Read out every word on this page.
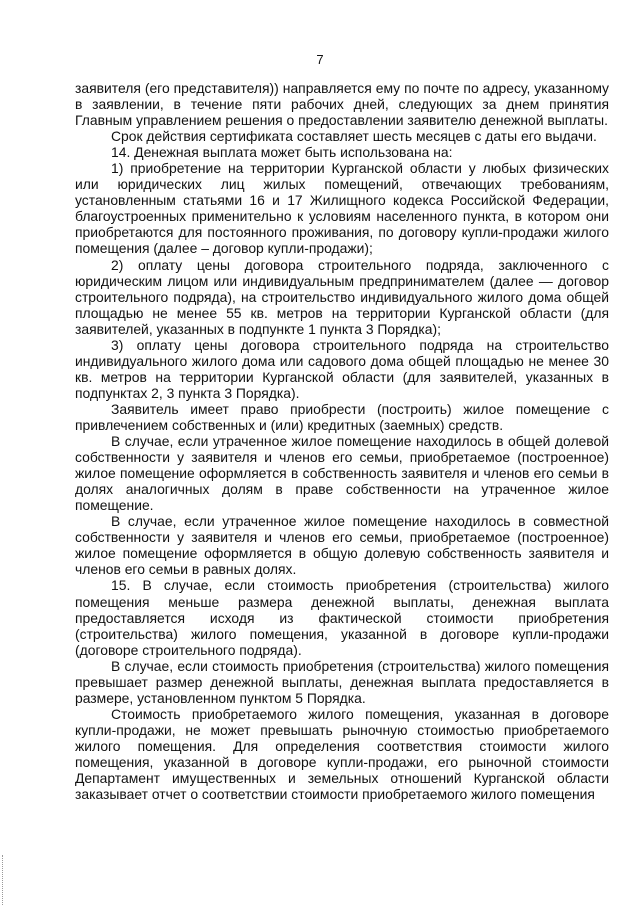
7

заявителя (его представителя)) направляется ему по почте по адресу, указанному в заявлении, в течение пяти рабочих дней, следующих за днем принятия Главным управлением решения о предоставлении заявителю денежной выплаты.

Срок действия сертификата составляет шесть месяцев с даты его выдачи.

14. Денежная выплата может быть использована на:

1) приобретение на территории Курганской области у любых физических или юридических лиц жилых помещений, отвечающих требованиям, установленным статьями 16 и 17 Жилищного кодекса Российской Федерации, благоустроенных применительно к условиям населенного пункта, в котором они приобретаются для постоянного проживания, по договору купли-продажи жилого помещения (далее – договор купли-продажи);

2) оплату цены договора строительного подряда, заключенного с юридическим лицом или индивидуальным предпринимателем (далее — договор строительного подряда), на строительство индивидуального жилого дома общей площадью не менее 55 кв. метров на территории Курганской области (для заявителей, указанных в подпункте 1 пункта 3 Порядка);

3) оплату цены договора строительного подряда на строительство индивидуального жилого дома или садового дома общей площадью не менее 30 кв. метров на территории Курганской области (для заявителей, указанных в подпунктах 2, 3 пункта 3 Порядка).

Заявитель имеет право приобрести (построить) жилое помещение с привлечением собственных и (или) кредитных (заемных) средств.

В случае, если утраченное жилое помещение находилось в общей долевой собственности у заявителя и членов его семьи, приобретаемое (построенное) жилое помещение оформляется в собственность заявителя и членов его семьи в долях аналогичных долям в праве собственности на утраченное жилое помещение.

В случае, если утраченное жилое помещение находилось в совместной собственности у заявителя и членов его семьи, приобретаемое (построенное) жилое помещение оформляется в общую долевую собственность заявителя и членов его семьи в равных долях.

15. В случае, если стоимость приобретения (строительства) жилого помещения меньше размера денежной выплаты, денежная выплата предоставляется исходя из фактической стоимости приобретения (строительства) жилого помещения, указанной в договоре купли-продажи (договоре строительного подряда).

В случае, если стоимость приобретения (строительства) жилого помещения превышает размер денежной выплаты, денежная выплата предоставляется в размере, установленном пунктом 5 Порядка.

Стоимость приобретаемого жилого помещения, указанная в договоре купли-продажи, не может превышать рыночную стоимостью приобретаемого жилого помещения. Для определения соответствия стоимости жилого помещения, указанной в договоре купли-продажи, его рыночной стоимости Департамент имущественных и земельных отношений Курганской области заказывает отчет о соответствии стоимости приобретаемого жилого помещения
